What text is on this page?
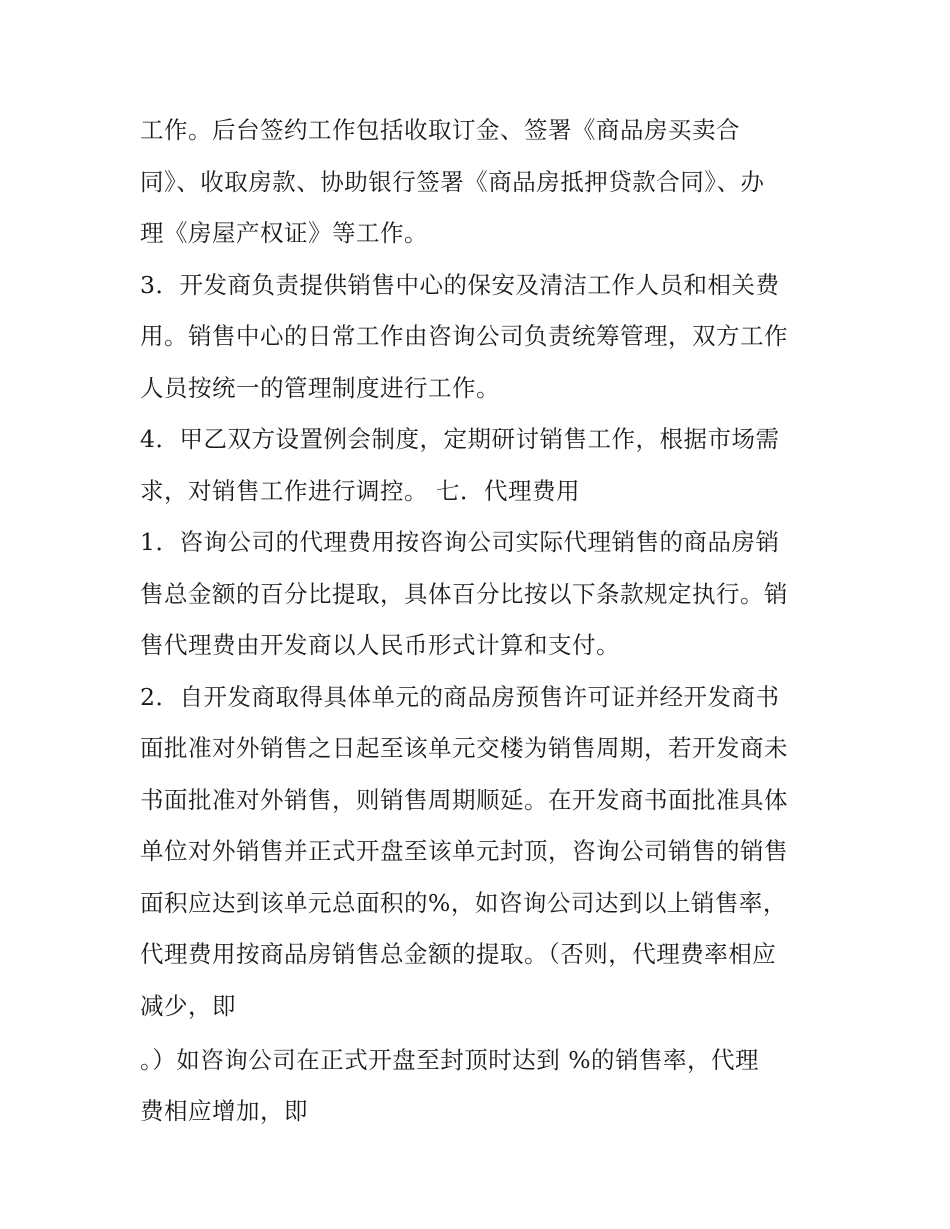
工作。后台签约工作包括收取订金、签署《商品房买卖合
同》、收取房款、协助银行签署《商品房抵押贷款合同》、办
理《房屋产权证》等工作。
3．开发商负责提供销售中心的保安及清洁工作人员和相关费
用。销售中心的日常工作由咨询公司负责统筹管理，双方工作
人员按统一的管理制度进行工作。
4．甲乙双方设置例会制度，定期研讨销售工作，根据市场需
求，对销售工作进行调控。 七．代理费用
1．咨询公司的代理费用按咨询公司实际代理销售的商品房销
售总金额的百分比提取，具体百分比按以下条款规定执行。销
售代理费由开发商以人民币形式计算和支付。
2．自开发商取得具体单元的商品房预售许可证并经开发商书
面批准对外销售之日起至该单元交楼为销售周期，若开发商未
书面批准对外销售，则销售周期顺延。在开发商书面批准具体
单位对外销售并正式开盘至该单元封顶，咨询公司销售的销售
面积应达到该单元总面积的%，如咨询公司达到以上销售率，
代理费用按商品房销售总金额的提取。（否则，代理费率相应
减少，即
。）如咨询公司在正式开盘至封顶时达到 %的销售率，代理
费相应增加，即
